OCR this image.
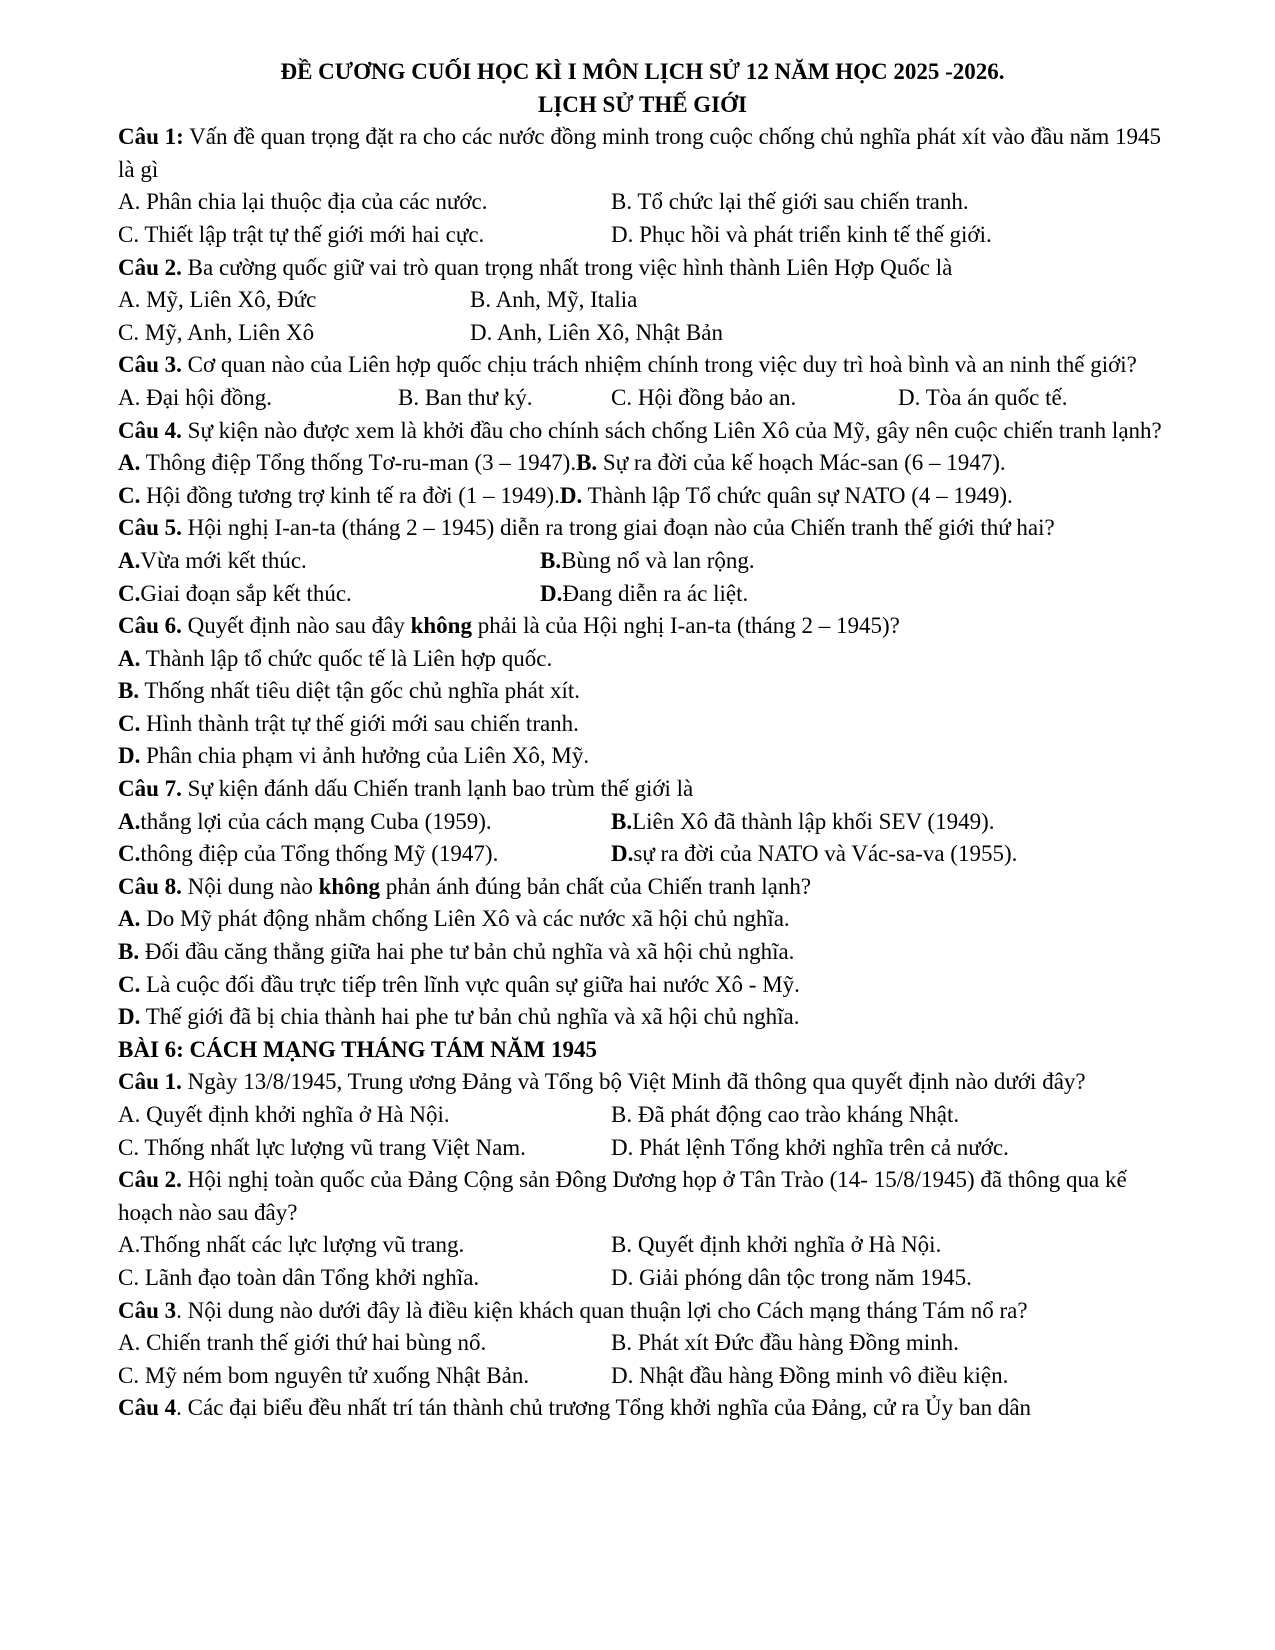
ĐỀ CƯƠNG CUỐI HỌC KÌ I MÔN LỊCH SỬ 12 NĂM HỌC 2025 -2026.

LỊCH SỬ THẾ GIỚI

Câu 1: Vấn đề quan trọng đặt ra cho các nước đồng minh trong cuộc chống chủ nghĩa phát xít vào đầu năm 1945 là gì

A. Phân chia lại thuộc địa của các nước.	B. Tổ chức lại thế giới sau chiến tranh.
C. Thiết lập trật tự thế giới mới hai cực.	D. Phục hồi và phát triển kinh tế thế giới.

Câu 2. Ba cường quốc giữ vai trò quan trọng nhất trong việc hình thành Liên Hợp Quốc là

A. Mỹ, Liên Xô, Đức	B. Anh, Mỹ, Italia
C. Mỹ, Anh, Liên Xô	D. Anh, Liên Xô, Nhật Bản

Câu 3. Cơ quan nào của Liên hợp quốc chịu trách nhiệm chính trong việc duy trì hoà bình và an ninh thế giới?

A. Đại hội đồng.	B. Ban thư ký.	C. Hội đồng bảo an.	D. Tòa án quốc tế.

Câu 4. Sự kiện nào được xem là khởi đầu cho chính sách chống Liên Xô của Mỹ, gây nên cuộc chiến tranh lạnh?

A. Thông điệp Tổng thống Tơ-ru-man (3 – 1947).B. Sự ra đời của kế hoạch Mác-san (6 – 1947).

C. Hội đồng tương trợ kinh tế ra đời (1 – 1949).D. Thành lập Tổ chức quân sự NATO (4 – 1949).

Câu 5. Hội nghị I-an-ta (tháng 2 – 1945) diễn ra trong giai đoạn nào của Chiến tranh thế giới thứ hai?

A. Vừa mới kết thúc.	B. Bùng nổ và lan rộng.
C. Giai đoạn sắp kết thúc.	D. Đang diễn ra ác liệt.

Câu 6. Quyết định nào sau đây không phải là của Hội nghị I-an-ta (tháng 2 – 1945)?

A. Thành lập tổ chức quốc tế là Liên hợp quốc.

B. Thống nhất tiêu diệt tận gốc chủ nghĩa phát xít.

C. Hình thành trật tự thế giới mới sau chiến tranh.

D. Phân chia phạm vi ảnh hưởng của Liên Xô, Mỹ.

Câu 7. Sự kiện đánh dấu Chiến tranh lạnh bao trùm thế giới là

A. thắng lợi của cách mạng Cuba (1959).	B. Liên Xô đã thành lập khối SEV (1949).
C. thông điệp của Tổng thống Mỹ (1947).	D. sự ra đời của NATO và Vác-sa-va (1955).

Câu 8. Nội dung nào không phản ánh đúng bản chất của Chiến tranh lạnh?

A. Do Mỹ phát động nhằm chống Liên Xô và các nước xã hội chủ nghĩa.

B. Đối đầu căng thẳng giữa hai phe tư bản chủ nghĩa và xã hội chủ nghĩa.

C. Là cuộc đối đầu trực tiếp trên lĩnh vực quân sự giữa hai nước Xô - Mỹ.

D. Thế giới đã bị chia thành hai phe tư bản chủ nghĩa và xã hội chủ nghĩa.

BÀI 6: CÁCH MẠNG THÁNG TÁM NĂM 1945

Câu 1. Ngày 13/8/1945, Trung ương Đảng và Tổng bộ Việt Minh đã thông qua quyết định nào dưới đây?

A. Quyết định khởi nghĩa ở Hà Nội.	B. Đã phát động cao trào kháng Nhật.
C. Thống nhất lực lượng vũ trang Việt Nam.	D. Phát lệnh Tổng khởi nghĩa trên cả nước.

Câu 2. Hội nghị toàn quốc của Đảng Cộng sản Đông Dương họp ở Tân Trào (14- 15/8/1945) đã thông qua kế hoạch nào sau đây?

A.Thống nhất các lực lượng vũ trang.	B. Quyết định khởi nghĩa ở Hà Nội.
C. Lãnh đạo toàn dân Tổng khởi nghĩa.	D. Giải phóng dân tộc trong năm 1945.

Câu 3. Nội dung nào dưới đây là điều kiện khách quan thuận lợi cho Cách mạng tháng Tám nổ ra?

A. Chiến tranh thế giới thứ hai bùng nổ.	B. Phát xít Đức đầu hàng Đồng minh.
C. Mỹ ném bom nguyên tử xuống Nhật Bản.	D. Nhật đầu hàng Đồng minh vô điều kiện.

Câu 4. Các đại biểu đều nhất trí tán thành chủ trương Tổng khởi nghĩa của Đảng, cử ra Ủy ban dân
